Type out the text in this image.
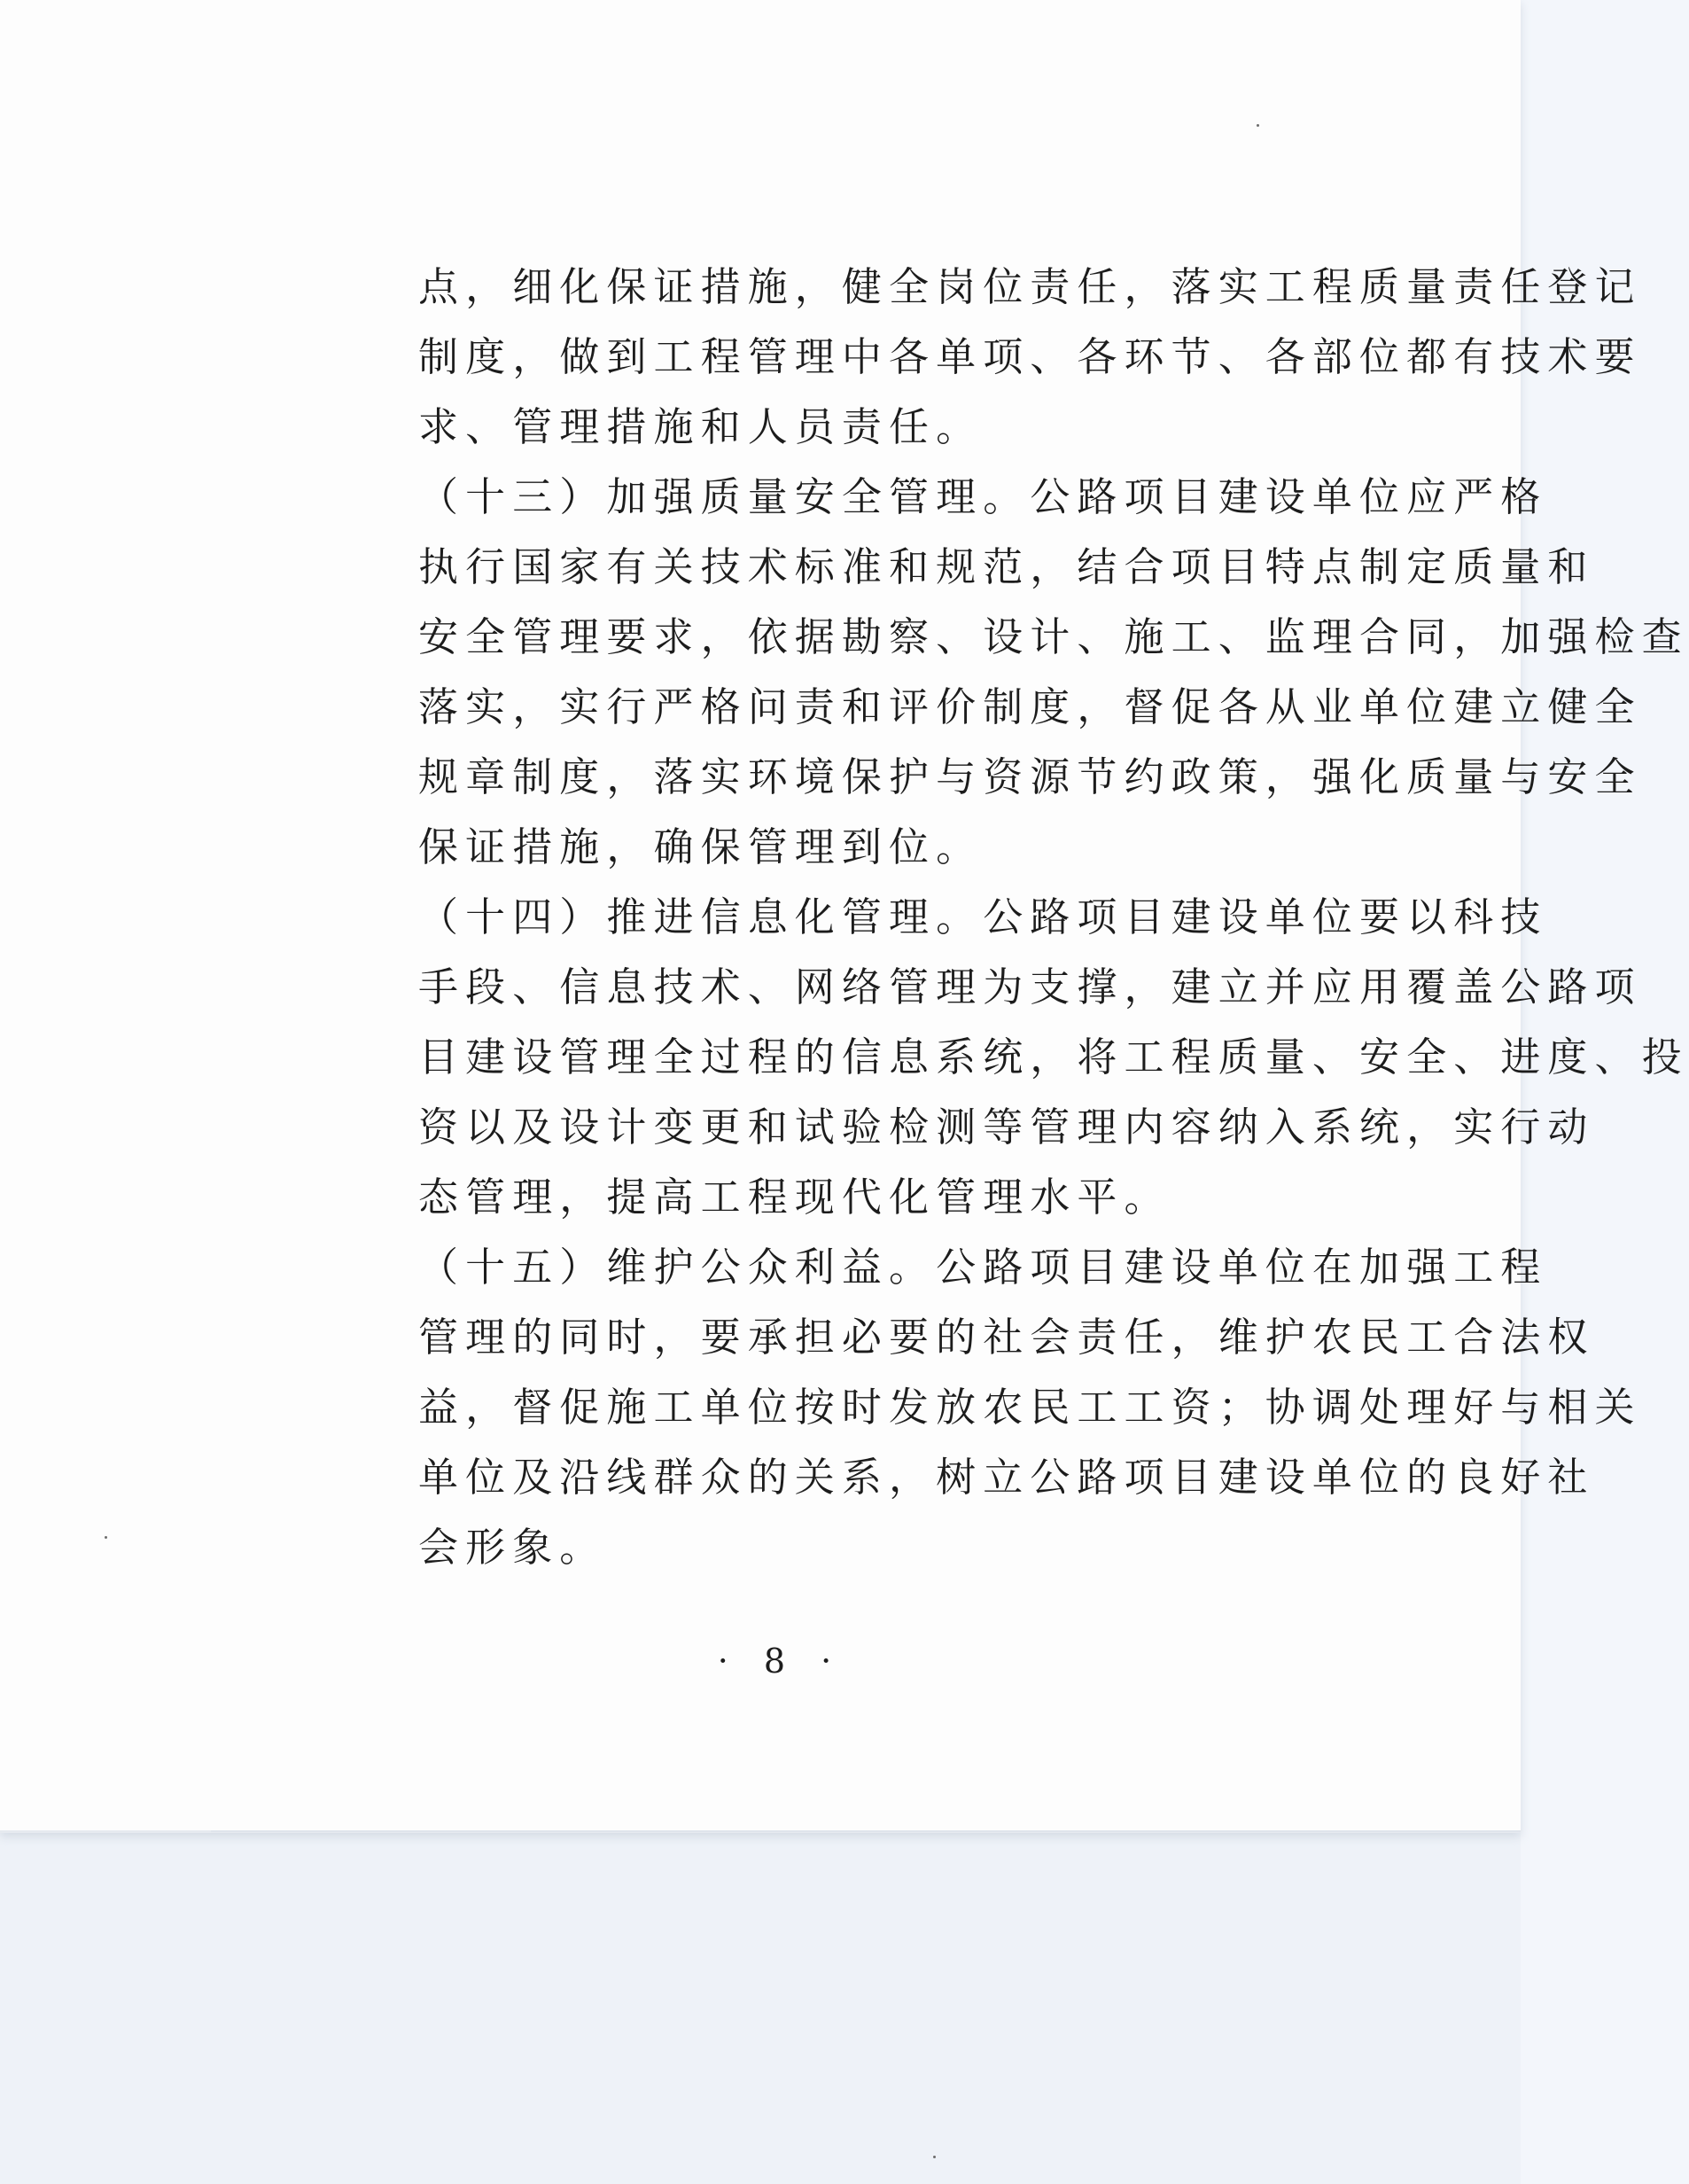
点，细化保证措施，健全岗位责任，落实工程质量责任登记
制度，做到工程管理中各单项、各环节、各部位都有技术要
求、管理措施和人员责任。
（十三）加强质量安全管理。公路项目建设单位应严格
执行国家有关技术标准和规范，结合项目特点制定质量和
安全管理要求，依据勘察、设计、施工、监理合同，加强检查
落实，实行严格问责和评价制度，督促各从业单位建立健全
规章制度，落实环境保护与资源节约政策，强化质量与安全
保证措施，确保管理到位。
（十四）推进信息化管理。公路项目建设单位要以科技
手段、信息技术、网络管理为支撑，建立并应用覆盖公路项
目建设管理全过程的信息系统，将工程质量、安全、进度、投
资以及设计变更和试验检测等管理内容纳入系统，实行动
态管理，提高工程现代化管理水平。
（十五）维护公众利益。公路项目建设单位在加强工程
管理的同时，要承担必要的社会责任，维护农民工合法权
益，督促施工单位按时发放农民工工资；协调处理好与相关
单位及沿线群众的关系，树立公路项目建设单位的良好社
会形象。
· 8 ·
